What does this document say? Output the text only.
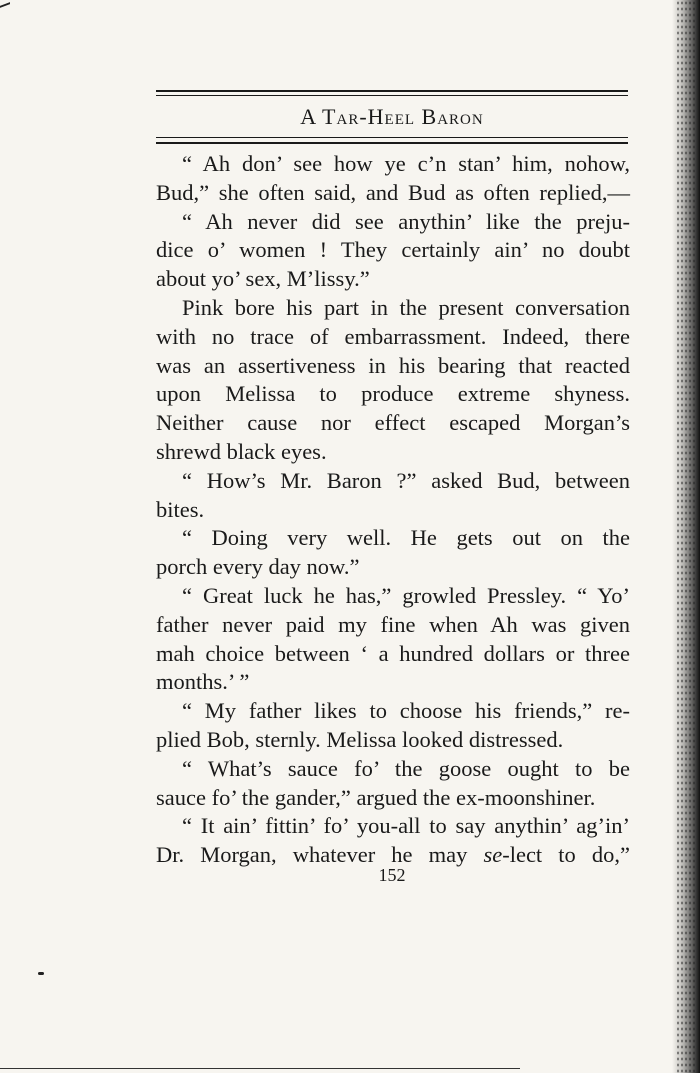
A Tar-Heel Baron
“ Ah don’ see how ye c’n stan’ him, nohow,
Bud,” she often said, and Bud as often replied,—
“ Ah never did see anythin’ like the preju-
dice o’ women ! They certainly ain’ no doubt
about yo’ sex, M’lissy.”
Pink bore his part in the present conversation
with no trace of embarrassment. Indeed, there
was an assertiveness in his bearing that reacted
upon Melissa to produce extreme shyness.
Neither cause nor effect escaped Morgan’s
shrewd black eyes.
“ How’s Mr. Baron ?” asked Bud, between
bites.
“ Doing very well. He gets out on the
porch every day now.”
“ Great luck he has,” growled Pressley. “ Yo’
father never paid my fine when Ah was given
mah choice between ‘ a hundred dollars or three
months.’ ”
“ My father likes to choose his friends,” re-
plied Bob, sternly. Melissa looked distressed.
“ What’s sauce fo’ the goose ought to be
sauce fo’ the gander,” argued the ex-moonshiner.
“ It ain’ fittin’ fo’ you-all to say anythin’ ag’in’
Dr. Morgan, whatever he may se-lect to do,”
152
